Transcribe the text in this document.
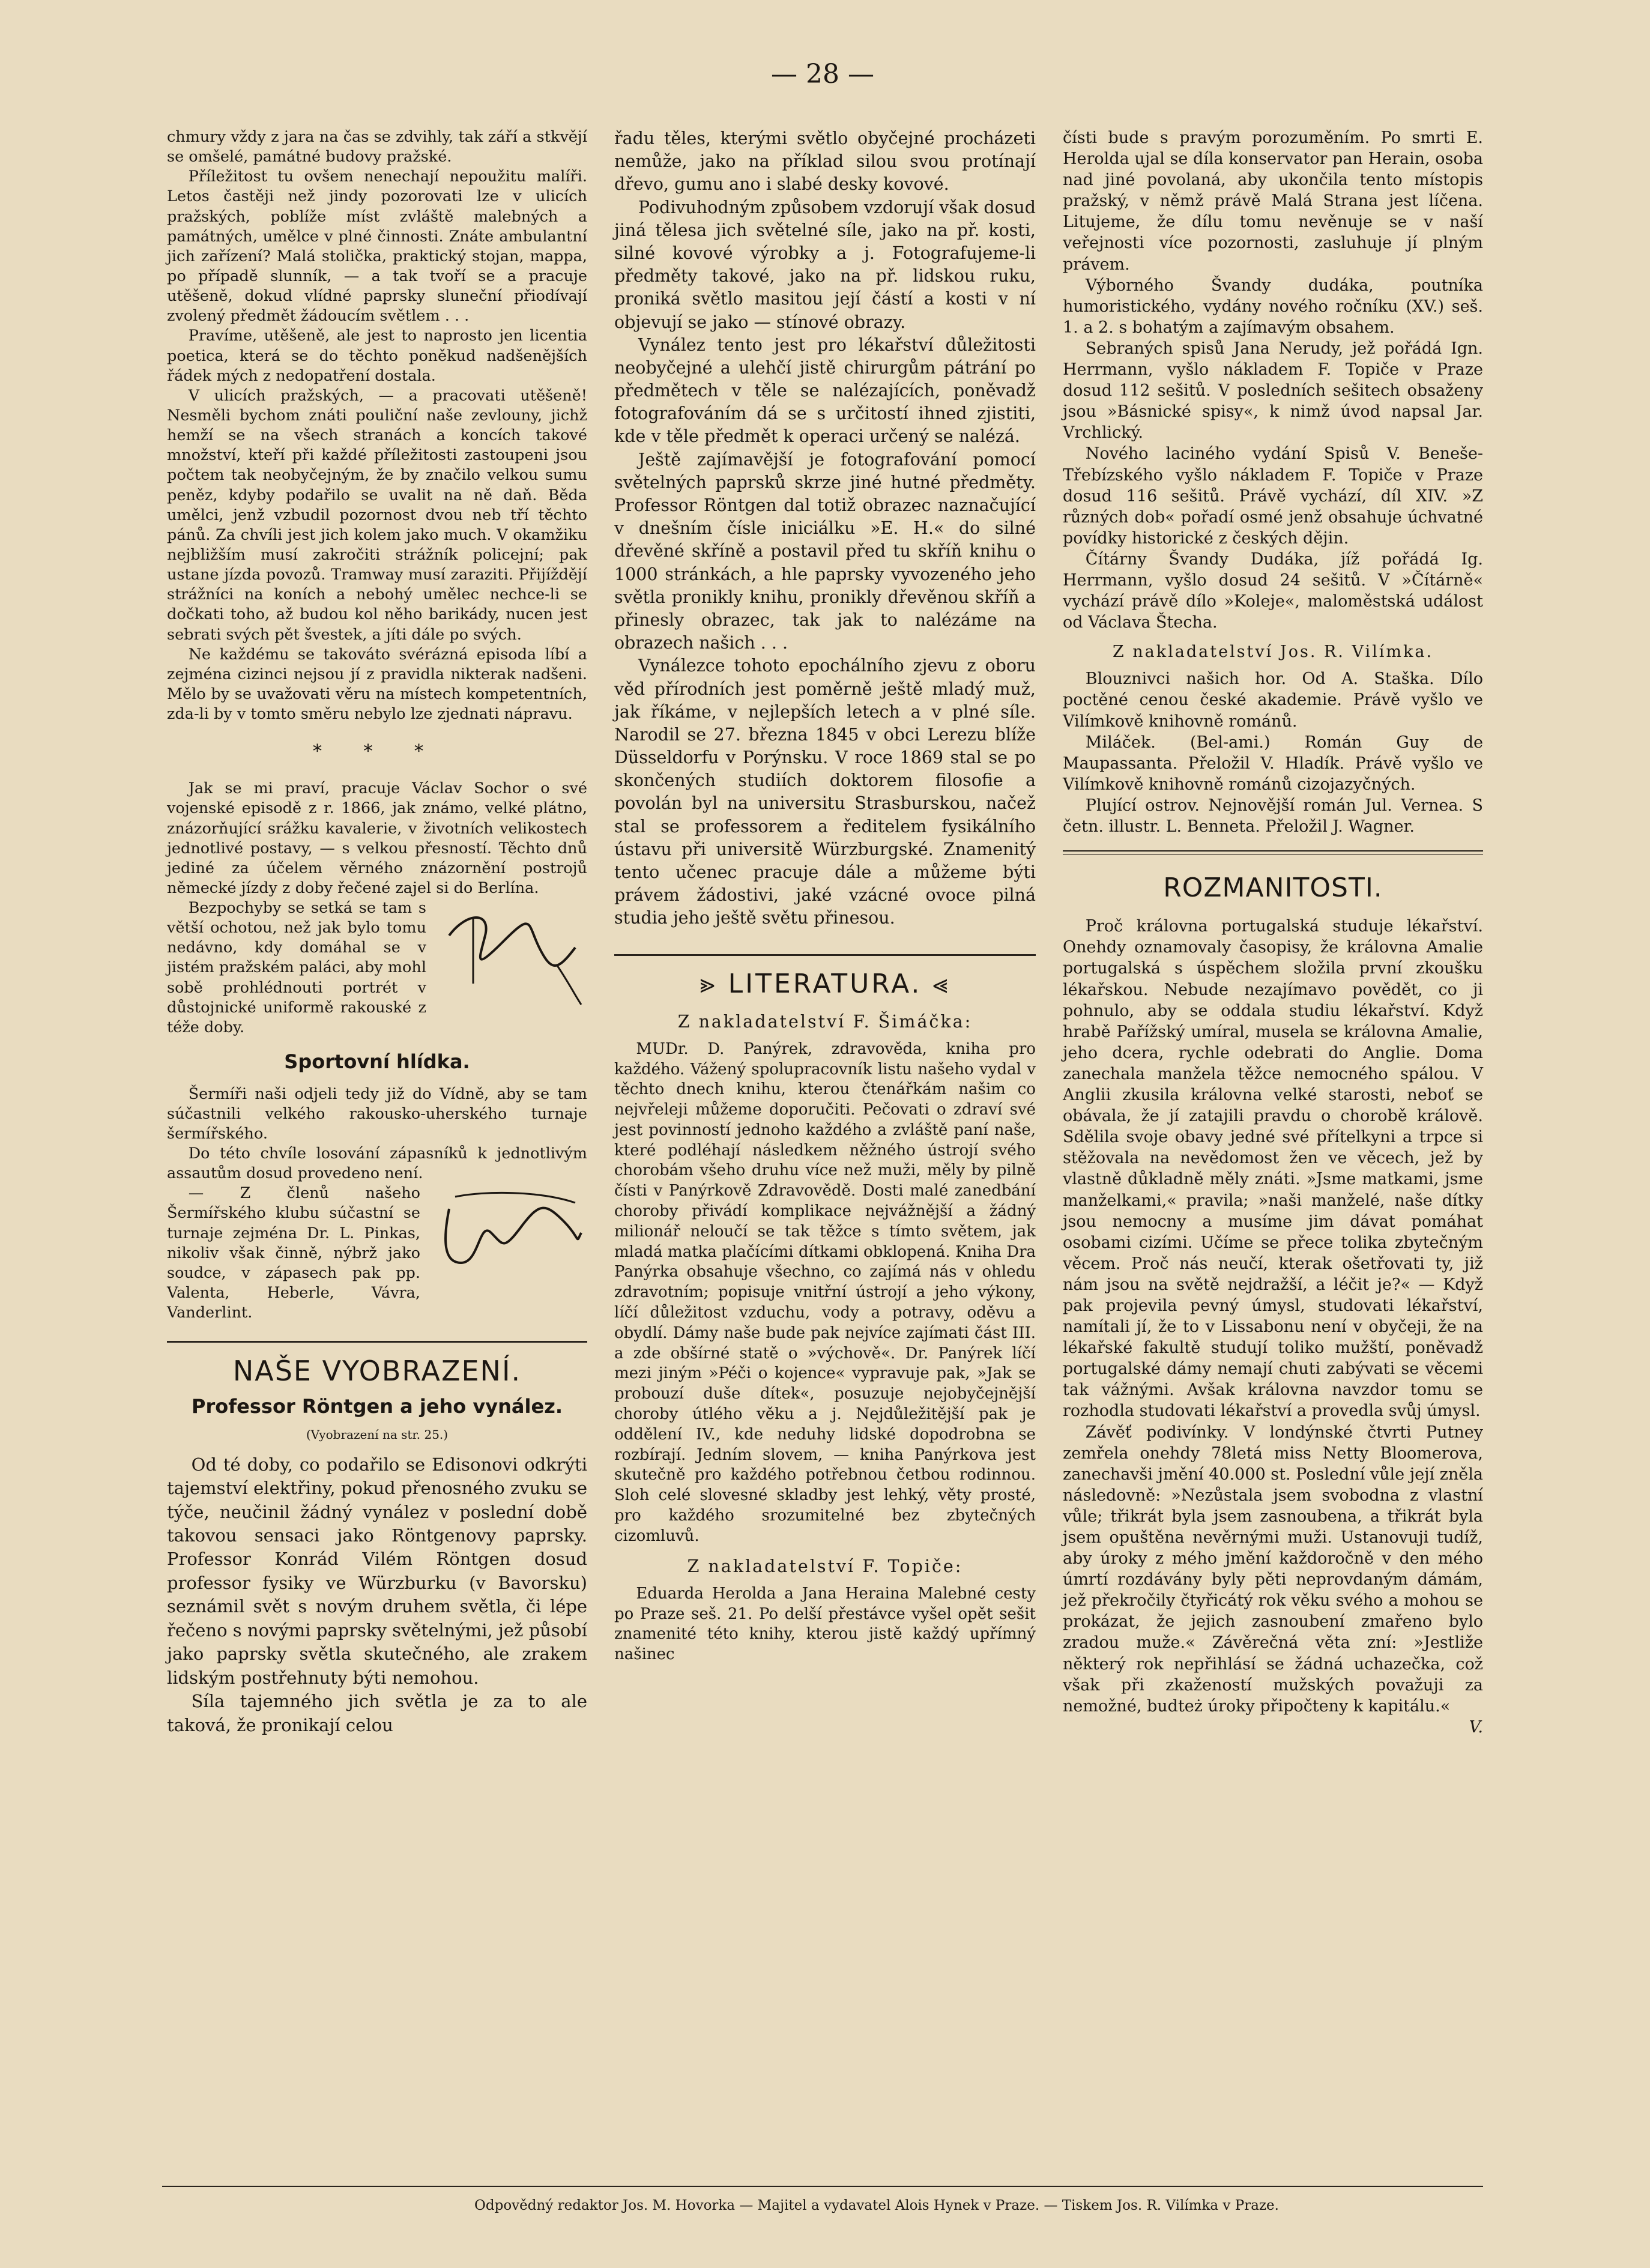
— 28 —

chmury vždy z jara na čas se zdvihly, tak září a stkvějí se omšelé, památné budovy pražské.

Příležitost tu ovšem nenechají nepoužitu malíři. Letos častěji než jindy pozorovati lze v ulicích pražských, poblíže míst zvláště malebných a památných, umělce v plné činnosti. Znáte ambulantní jich zařízení? Malá stolička, praktický stojan, mappa, po případě slunník, — a tak tvoří se a pracuje utěšeně, dokud vlídné paprsky sluneční přiodívají zvolený předmět žádoucím světlem . . .

Pravíme, utěšeně, ale jest to naprosto jen licentia poetica, která se do těchto poněkud nadšenějších řádek mých z nedopatření dostala.

V ulicích pražských, — a pracovati utěšeně! Nesměli bychom znáti pouliční naše zevlouny, jichž hemží se na všech stranách a koncích takové množství, kteří při každé příležitosti zastoupeni jsou počtem tak neobyčejným, že by značilo velkou sumu peněz, kdyby podařilo se uvalit na ně daň. Běda umělci, jenž vzbudil pozornost dvou neb tří těchto pánů. Za chvíli jest jich kolem jako much. V okamžiku nejbližším musí zakročiti strážník policejní; pak ustane jízda povozů. Tramway musí zaraziti. Přijíždějí strážníci na koních a nebohý umělec nechce-li se dočkati toho, až budou kol něho barikády, nucen jest sebrati svých pět švestek, a jíti dále po svých.

Ne každému se takováto svérázná episoda líbí a zejména cizinci nejsou jí z pravidla nikterak nadšeni. Mělo by se uvažovati věru na místech kompetentních, zda-li by v tomto směru nebylo lze zjednati nápravu.

* * *

Jak se mi praví, pracuje Václav Sochor o své vojenské episodě z r. 1866, jak známo, velké plátno, znázorňující srážku kavalerie, v životních velikostech jednotlivé postavy, — s velkou přesností. Těchto dnů jediné za účelem věrného znázornění postrojů německé jízdy z doby řečené zajel si do Berlína.

Bezpochyby se setká se tam s větší ochotou, než jak bylo tomu nedávno, kdy domáhal se v jistém pražském paláci, aby mohl sobě prohlédnouti portrét v důstojnické uniformě rakouské z téže doby.

Sportovní hlídka.

Šermíři naši odjeli tedy již do Vídně, aby se tam súčastnili velkého rakousko-uherského turnaje šermířského.

Do této chvíle losování zápasníků k jednotlivým assautům dosud provedeno není.

— Z členů našeho Šermířského klubu súčastní se turnaje zejména Dr. L. Pinkas, nikoliv však činně, nýbrž jako soudce, v zápasech pak pp. Valenta, Heberle, Vávra, Vanderlint.

NAŠE VYOBRAZENÍ.
Professor Röntgen a jeho vynález.
(Vyobrazení na str. 25.)

Od té doby, co podařilo se Edisonovi odkrýti tajemství elektřiny, pokud přenosného zvuku se týče, neučinil žádný vynález v poslední době takovou sensaci jako Röntgenovy paprsky. Professor Konrád Vilém Röntgen dosud professor fysiky ve Würzburku (v Bavorsku) seznámil svět s novým druhem světla, či lépe řečeno s novými paprsky světelnými, jež působí jako paprsky světla skutečného, ale zrakem lidským postřehnuty býti nemohou.

Síla tajemného jich světla je za to ale taková, že pronikají celou

řadu těles, kterými světlo obyčejné procházeti nemůže, jako na příklad silou svou protínají dřevo, gumu ano i slabé desky kovové.

Podivuhodným způsobem vzdorují však dosud jiná tělesa jich světelné síle, jako na př. kosti, silné kovové výrobky a j. Fotografujeme-li předměty takové, jako na př. lidskou ruku, proniká světlo masitou její částí a kosti v ní objevují se jako — stínové obrazy.

Vynález tento jest pro lékařství důležitosti neobyčejné a ulehčí jistě chirurgům pátrání po předmětech v těle se nalézajících, poněvadž fotografováním dá se s určitostí ihned zjistiti, kde v těle předmět k operaci určený se nalézá.

Ještě zajímavější je fotografování pomocí světelných paprsků skrze jiné hutné předměty. Professor Röntgen dal totiž obrazec naznačující v dnešním čísle iniciálku »E. H.« do silné dřevěné skříně a postavil před tu skříň knihu o 1000 stránkách, a hle paprsky vyvozeného jeho světla pronikly knihu, pronikly dřevěnou skříň a přinesly obrazec, tak jak to nalézáme na obrazech našich . . .

Vynálezce tohoto epochálního zjevu z oboru věd přírodních jest poměrně ještě mladý muž, jak říkáme, v nejlepších letech a v plné síle. Narodil se 27. března 1845 v obci Lerezu blíže Düsseldorfu v Porýnsku. V roce 1869 stal se po skončených studiích doktorem filosofie a povolán byl na universitu Strasburskou, načež stal se professorem a ředitelem fysikálního ústavu při universitě Würzburgské. Znamenitý tento učenec pracuje dále a můžeme býti právem žádostivi, jaké vzácné ovoce pilná studia jeho ještě světu přinesou.

⪢ LITERATURA. ⪡
Z nakladatelství F. Šimáčka:

MUDr. D. Panýrek, zdravověda, kniha pro každého. Vážený spolupracovník listu našeho vydal v těchto dnech knihu, kterou čtenářkám našim co nejvřeleji můžeme doporučiti. Pečovati o zdraví své jest povinností jednoho každého a zvláště paní naše, které podléhají následkem něžného ústrojí svého chorobám všeho druhu více než muži, měly by pilně čísti v Panýrkově Zdravovědě. Dosti malé zanedbání choroby přivádí komplikace nejvážnější a žádný milionář neloučí se tak těžce s tímto světem, jak mladá matka plačícími dítkami obklopená. Kniha Dra Panýrka obsahuje všechno, co zajímá nás v ohledu zdravotním; popisuje vnitřní ústrojí a jeho výkony, líčí důležitost vzduchu, vody a potravy, oděvu a obydlí. Dámy naše bude pak nejvíce zajímati část III. a zde obšírné statě o »výchově«. Dr. Panýrek líčí mezi jiným »Péči o kojence« vypravuje pak, »Jak se probouzí duše dítek«, posuzuje nejobyčejnější choroby útlého věku a j. Nejdůležitější pak je oddělení IV., kde neduhy lidské dopodrobna se rozbírají. Jedním slovem, — kniha Panýrkova jest skutečně pro každého potřebnou četbou rodinnou. Sloh celé slovesné skladby jest lehký, věty prosté, pro každého srozumitelné bez zbytečných cizomluvů.

Z nakladatelství F. Topiče:

Eduarda Herolda a Jana Heraina Malebné cesty po Praze seš. 21. Po delší přestávce vyšel opět sešit znamenité této knihy, kterou jistě každý upřímný našinec

čísti bude s pravým porozuměním. Po smrti E. Herolda ujal se díla konservator pan Herain, osoba nad jiné povolaná, aby ukončila tento místopis pražský, v němž právě Malá Strana jest líčena. Litujeme, že dílu tomu nevěnuje se v naší veřejnosti více pozornosti, zasluhuje jí plným právem.

Výborného Švandy dudáka, poutníka humoristického, vydány nového ročníku (XV.) seš. 1. a 2. s bohatým a zajímavým obsahem.

Sebraných spisů Jana Nerudy, jež pořádá Ign. Herrmann, vyšlo nákladem F. Topiče v Praze dosud 112 sešitů. V posledních sešitech obsaženy jsou »Básnické spisy«, k nimž úvod napsal Jar. Vrchlický.

Nového laciného vydání Spisů V. Beneše-Třebízského vyšlo nákladem F. Topiče v Praze dosud 116 sešitů. Právě vychází, díl XIV. »Z různých dob« pořadí osmé jenž obsahuje úchvatné povídky historické z českých dějin.

Čítárny Švandy Dudáka, jíž pořádá Ig. Herrmann, vyšlo dosud 24 sešitů. V »Čítárně« vychází právě dílo »Koleje«, maloměstská událost od Václava Štecha.

Z nakladatelství Jos. R. Vilímka.

Blouznivci našich hor. Od A. Staška. Dílo poctěné cenou české akademie. Právě vyšlo ve Vilímkově knihovně románů.

Miláček. (Bel-ami.) Román Guy de Maupassanta. Přeložil V. Hladík. Právě vyšlo ve Vilímkově knihovně románů cizojazyčných.

Plující ostrov. Nejnovější román Jul. Vernea. S četn. illustr. L. Benneta. Přeložil J. Wagner.

ROZMANITOSTI.

Proč královna portugalská studuje lékařství. Onehdy oznamovaly časopisy, že královna Amalie portugalská s úspěchem složila první zkoušku lékařskou. Nebude nezajímavo povědět, co ji pohnulo, aby se oddala studiu lékařství. Když hrabě Pařížský umíral, musela se královna Amalie, jeho dcera, rychle odebrati do Anglie. Doma zanechala manžela těžce nemocného spálou. V Anglii zkusila královna velké starosti, neboť se obávala, že jí zatajili pravdu o chorobě králově. Sdělila svoje obavy jedné své přítelkyni a trpce si stěžovala na nevědomost žen ve věcech, jež by vlastně důkladně měly znáti. »Jsme matkami, jsme manželkami,« pravila; »naši manželé, naše dítky jsou nemocny a musíme jim dávat pomáhat osobami cizími. Učíme se přece tolika zbytečným věcem. Proč nás neučí, kterak ošetřovati ty, již nám jsou na světě nejdražší, a léčit je?« — Když pak projevila pevný úmysl, studovati lékařství, namítali jí, že to v Lissabonu není v obyčeji, že na lékařské fakultě studují toliko mužští, poněvadž portugalské dámy nemají chuti zabývati se věcemi tak vážnými. Avšak královna navzdor tomu se rozhodla studovati lékařství a provedla svůj úmysl.

Závěť podivínky. V londýnské čtvrti Putney zemřela onehdy 78letá miss Netty Bloomerova, zanechavši jmění 40.000 st. Poslední vůle její zněla následovně: »Nezůstala jsem svobodna z vlastní vůle; třikrát byla jsem zasnoubena, a třikrát byla jsem opuštěna nevěrnými muži. Ustanovuji tudíž, aby úroky z mého jmění každoročně v den mého úmrtí rozdávány byly pěti neprovdaným dámám, jež překročily čtyřicátý rok věku svého a mohou se prokázat, že jejich zasnoubení zmařeno bylo zradou muže.« Závěrečná věta zní: »Jestliže některý rok nepřihlásí se žádná uchazečka, což však při zkažeností mužských považuji za nemožné, budteż úroky připočteny k kapitálu.«

V.
Odpovědný redaktor Jos. M. Hovorka — Majitel a vydavatel Alois Hynek v Praze. — Tiskem Jos. R. Vilímka v Praze.
